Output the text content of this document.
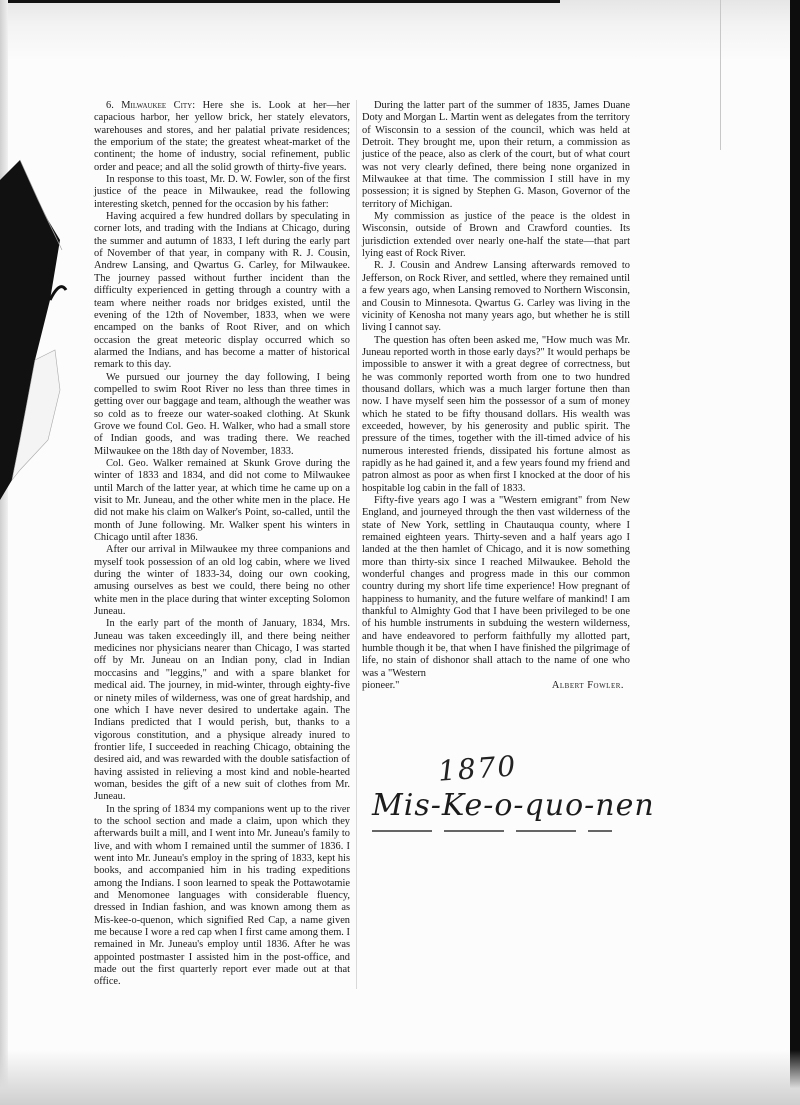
6. Milwaukee City: Here she is. Look at her—her capacious harbor, her yellow brick, her stately elevators, warehouses and stores, and her palatial private residences; the emporium of the state; the greatest wheat-market of the continent; the home of industry, social refinement, public order and peace; and all the solid growth of thirty-five years.

In response to this toast, Mr. D. W. Fowler, son of the first justice of the peace in Milwaukee, read the following interesting sketch, penned for the occasion by his father:

Having acquired a few hundred dollars by speculating in corner lots, and trading with the Indians at Chicago, during the summer and autumn of 1833, I left during the early part of November of that year, in company with R. J. Cousin, Andrew Lansing, and Qwartus G. Carley, for Milwaukee. The journey passed without further incident than the difficulty experienced in getting through a country with a team where neither roads nor bridges existed, until the evening of the 12th of November, 1833, when we were encamped on the banks of Root River, and on which occasion the great meteoric display occurred which so alarmed the Indians, and has become a matter of historical remark to this day.

We pursued our journey the day following, I being compelled to swim Root River no less than three times in getting over our baggage and team, although the weather was so cold as to freeze our water-soaked clothing. At Skunk Grove we found Col. Geo. H. Walker, who had a small store of Indian goods, and was trading there. We reached Milwaukee on the 18th day of November, 1833.

Col. Geo. Walker remained at Skunk Grove during the winter of 1833 and 1834, and did not come to Milwaukee until March of the latter year, at which time he came up on a visit to Mr. Juneau, and the other white men in the place. He did not make his claim on Walker's Point, so-called, until the month of June following. Mr. Walker spent his winters in Chicago until after 1836.

After our arrival in Milwaukee my three companions and myself took possession of an old log cabin, where we lived during the winter of 1833-34, doing our own cooking, amusing ourselves as best we could, there being no other white men in the place during that winter excepting Solomon Juneau.

In the early part of the month of January, 1834, Mrs. Juneau was taken exceedingly ill, and there being neither medicines nor physicians nearer than Chicago, I was started off by Mr. Juneau on an Indian pony, clad in Indian moccasins and "leggins," and with a spare blanket for medical aid. The journey, in mid-winter, through eighty-five or ninety miles of wilderness, was one of great hardship, and one which I have never desired to undertake again. The Indians predicted that I would perish, but, thanks to a vigorous constitution, and a physique already inured to frontier life, I succeeded in reaching Chicago, obtaining the desired aid, and was rewarded with the double satisfaction of having assisted in relieving a most kind and noble-hearted woman, besides the gift of a new suit of clothes from Mr. Juneau.

In the spring of 1834 my companions went up to the river to the school section and made a claim, upon which they afterwards built a mill, and I went into Mr. Juneau's family to live, and with whom I remained until the summer of 1836. I went into Mr. Juneau's employ in the spring of 1833, kept his books, and accompanied him in his trading expeditions among the Indians. I soon learned to speak the Pottawotamie and Menomonee languages with considerable fluency, dressed in Indian fashion, and was known among them as Mis-kee-o-quenon, which signified Red Cap, a name given me because I wore a red cap when I first came among them. I remained in Mr. Juneau's employ until 1836. After he was appointed postmaster I assisted him in the post-office, and made out the first quarterly report ever made out at that office.

During the latter part of the summer of 1835, James Duane Doty and Morgan L. Martin went as delegates from the territory of Wisconsin to a session of the council, which was held at Detroit. They brought me, upon their return, a commission as justice of the peace, also as clerk of the court, but of what court was not very clearly defined, there being none organized in Milwaukee at that time. The commission I still have in my possession; it is signed by Stephen G. Mason, Governor of the territory of Michigan.

My commission as justice of the peace is the oldest in Wisconsin, outside of Brown and Crawford counties. Its jurisdiction extended over nearly one-half the state—that part lying east of Rock River.

R. J. Cousin and Andrew Lansing afterwards removed to Jefferson, on Rock River, and settled, where they remained until a few years ago, when Lansing removed to Northern Wisconsin, and Cousin to Minnesota. Qwartus G. Carley was living in the vicinity of Kenosha not many years ago, but whether he is still living I cannot say.

The question has often been asked me, "How much was Mr. Juneau reported worth in those early days?" It would perhaps be impossible to answer it with a great degree of correctness, but he was commonly reported worth from one to two hundred thousand dollars, which was a much larger fortune then than now. I have myself seen him the possessor of a sum of money which he stated to be fifty thousand dollars. His wealth was exceeded, however, by his generosity and public spirit. The pressure of the times, together with the ill-timed advice of his numerous interested friends, dissipated his fortune almost as rapidly as he had gained it, and a few years found my friend and patron almost as poor as when first I knocked at the door of his hospitable log cabin in the fall of 1833.

Fifty-five years ago I was a "Western emigrant" from New England, and journeyed through the then vast wilderness of the state of New York, settling in Chautauqua county, where I remained eighteen years. Thirty-seven and a half years ago I landed at the then hamlet of Chicago, and it is now something more than thirty-six since I reached Milwaukee. Behold the wonderful changes and progress made in this our common country during my short life time experience! How pregnant of happiness to humanity, and the future welfare of mankind! I am thankful to Almighty God that I have been privileged to be one of his humble instruments in subduing the western wilderness, and have endeavored to perform faithfully my allotted part, humble though it be, that when I have finished the pilgrimage of life, no stain of dishonor shall attach to the name of one who was a "Western

pioneer."	Albert Fowler.

1870
Mis-Ke-o-quo-nen
